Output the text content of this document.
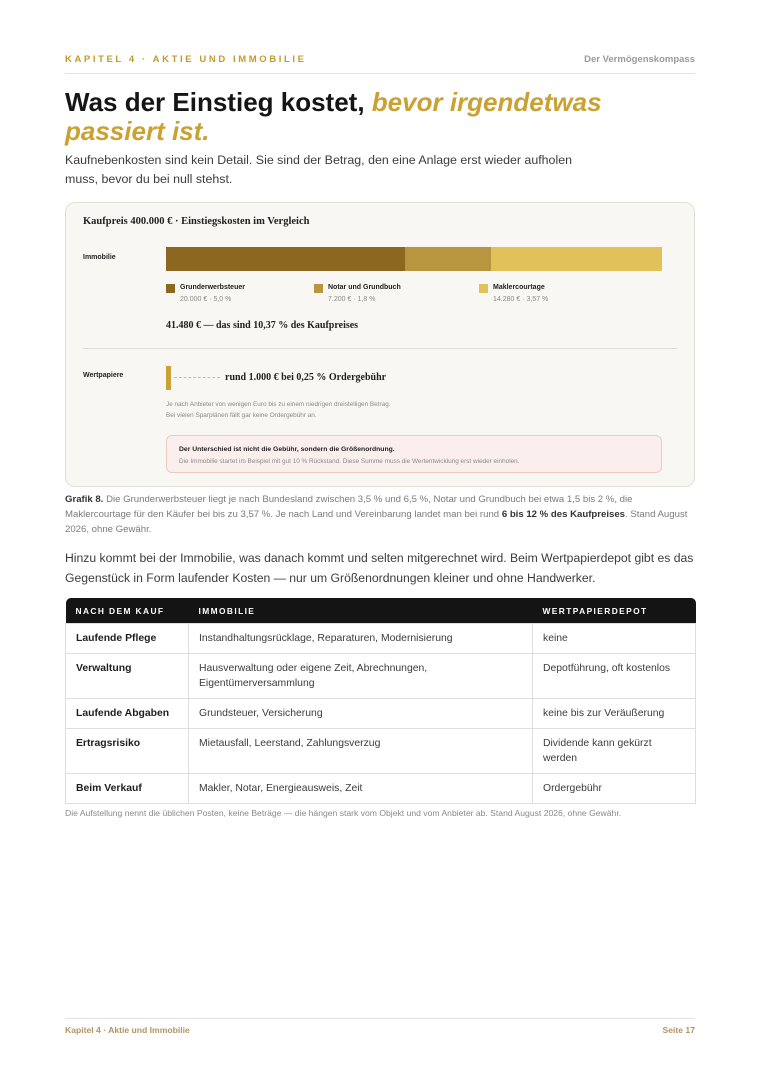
KAPITEL 4 · AKTIE UND IMMOBILIE	Der Vermögenskompass
Was der Einstieg kostet, bevor irgendetwas passiert ist.

Kaufnebenkosten sind kein Detail. Sie sind der Betrag, den eine Anlage erst wieder aufholen muss, bevor du bei null stehst.

Kaufpreis 400.000 € · Einstiegskosten im Vergleich
Immobilie
Grunderwerbsteuer
20.000 € · 5,0 %
Notar und Grundbuch
7.200 € · 1,8 %
Maklercourtage
14.280 € · 3,57 %
41.480 € — das sind 10,37 % des Kaufpreises
Wertpapiere	rund 1.000 € bei 0,25 % Ordergebühr
Je nach Anbieter von wenigen Euro bis zu einem niedrigen dreistelligen Betrag.
Bei vielen Sparplänen fällt gar keine Ordergebühr an.
Der Unterschied ist nicht die Gebühr, sondern die Größenordnung.
Die Immobilie startet im Beispiel mit gut 10 % Rückstand. Diese Summe muss die Wertentwicklung erst wieder einholen.

Grafik 8. Die Grunderwerbsteuer liegt je nach Bundesland zwischen 3,5 % und 6,5 %, Notar und Grundbuch bei etwa 1,5 bis 2 %, die Maklercourtage für den Käufer bei bis zu 3,57 %. Je nach Land und Vereinbarung landet man bei rund 6 bis 12 % des Kaufpreises. Stand August 2026, ohne Gewähr.

Hinzu kommt bei der Immobilie, was danach kommt und selten mitgerechnet wird. Beim Wertpapierdepot gibt es das Gegenstück in Form laufender Kosten — nur um Größenordnungen kleiner und ohne Handwerker.

NACH DEM KAUF	IMMOBILIE	WERTPAPIERDEPOT
Laufende Pflege	Instandhaltungsrücklage, Reparaturen, Modernisierung	keine
Verwaltung	Hausverwaltung oder eigene Zeit, Abrechnungen, Eigentümerversammlung	Depotführung, oft kostenlos
Laufende Abgaben	Grundsteuer, Versicherung	keine bis zur Veräußerung
Ertragsrisiko	Mietausfall, Leerstand, Zahlungsverzug	Dividende kann gekürzt werden
Beim Verkauf	Makler, Notar, Energieausweis, Zeit	Ordergebühr

Die Aufstellung nennt die üblichen Posten, keine Beträge — die hängen stark vom Objekt und vom Anbieter ab. Stand August 2026, ohne Gewähr.

Kapitel 4 · Aktie und Immobilie	Seite 17
